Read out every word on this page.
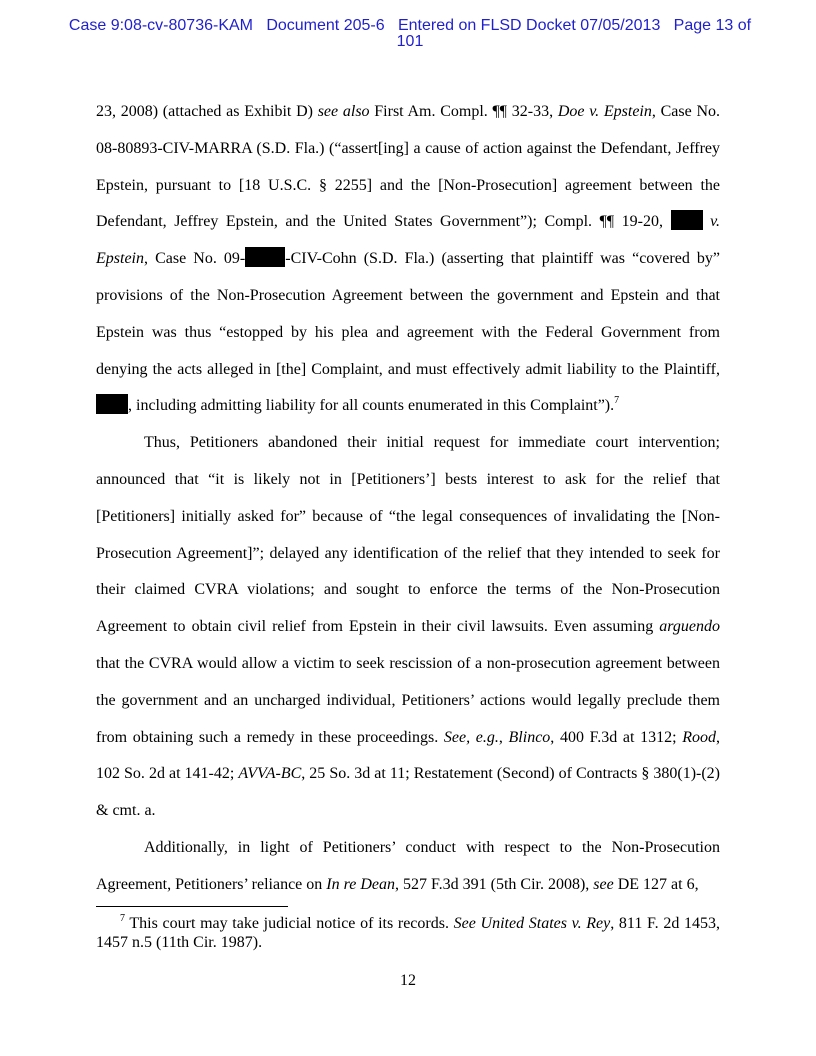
Case 9:08-cv-80736-KAM   Document 205-6   Entered on FLSD Docket 07/05/2013   Page 13 of
101

23, 2008) (attached as Exhibit D) see also First Am. Compl. ¶¶ 32-33, Doe v. Epstein, Case No. 08-80893-CIV-MARRA (S.D. Fla.) (“assert[ing] a cause of action against the Defendant, Jeffrey Epstein, pursuant to [18 U.S.C. § 2255] and the [Non-Prosecution] agreement between the Defendant, Jeffrey Epstein, and the United States Government”); Compl. ¶¶ 19-20,  v. Epstein, Case No. 09-	-CIV-Cohn (S.D. Fla.) (asserting that plaintiff was “covered by” provisions of the Non-Prosecution Agreement between the government and Epstein and that Epstein was thus “estopped by his plea and agreement with the Federal Government from denying the acts alleged in [the] Complaint, and must effectively admit liability to the Plaintiff, , including admitting liability for all counts enumerated in this Complaint”).$^7$

Thus, Petitioners abandoned their initial request for immediate court intervention; announced that “it is likely not in [Petitioners’] bests interest to ask for the relief that [Petitioners] initially asked for” because of “the legal consequences of invalidating the [Non-Prosecution Agreement]”; delayed any identification of the relief that they intended to seek for their claimed CVRA violations; and sought to enforce the terms of the Non-Prosecution Agreement to obtain civil relief from Epstein in their civil lawsuits. Even assuming arguendo that the CVRA would allow a victim to seek rescission of a non-prosecution agreement between the government and an uncharged individual, Petitioners’ actions would legally preclude them from obtaining such a remedy in these proceedings. See, e.g., Blinco, 400 F.3d at 1312; Rood, 102 So. 2d at 141-42; AVVA-BC, 25 So. 3d at 11; Restatement (Second) of Contracts § 380(1)-(2) & cmt. a.

Additionally, in light of Petitioners’ conduct with respect to the Non-Prosecution Agreement, Petitioners’ reliance on In re Dean, 527 F.3d 391 (5th Cir. 2008), see DE 127 at 6,

$^7$ This court may take judicial notice of its records. See United States v. Rey, 811 F. 2d 1453, 1457 n.5 (11th Cir. 1987).

12
